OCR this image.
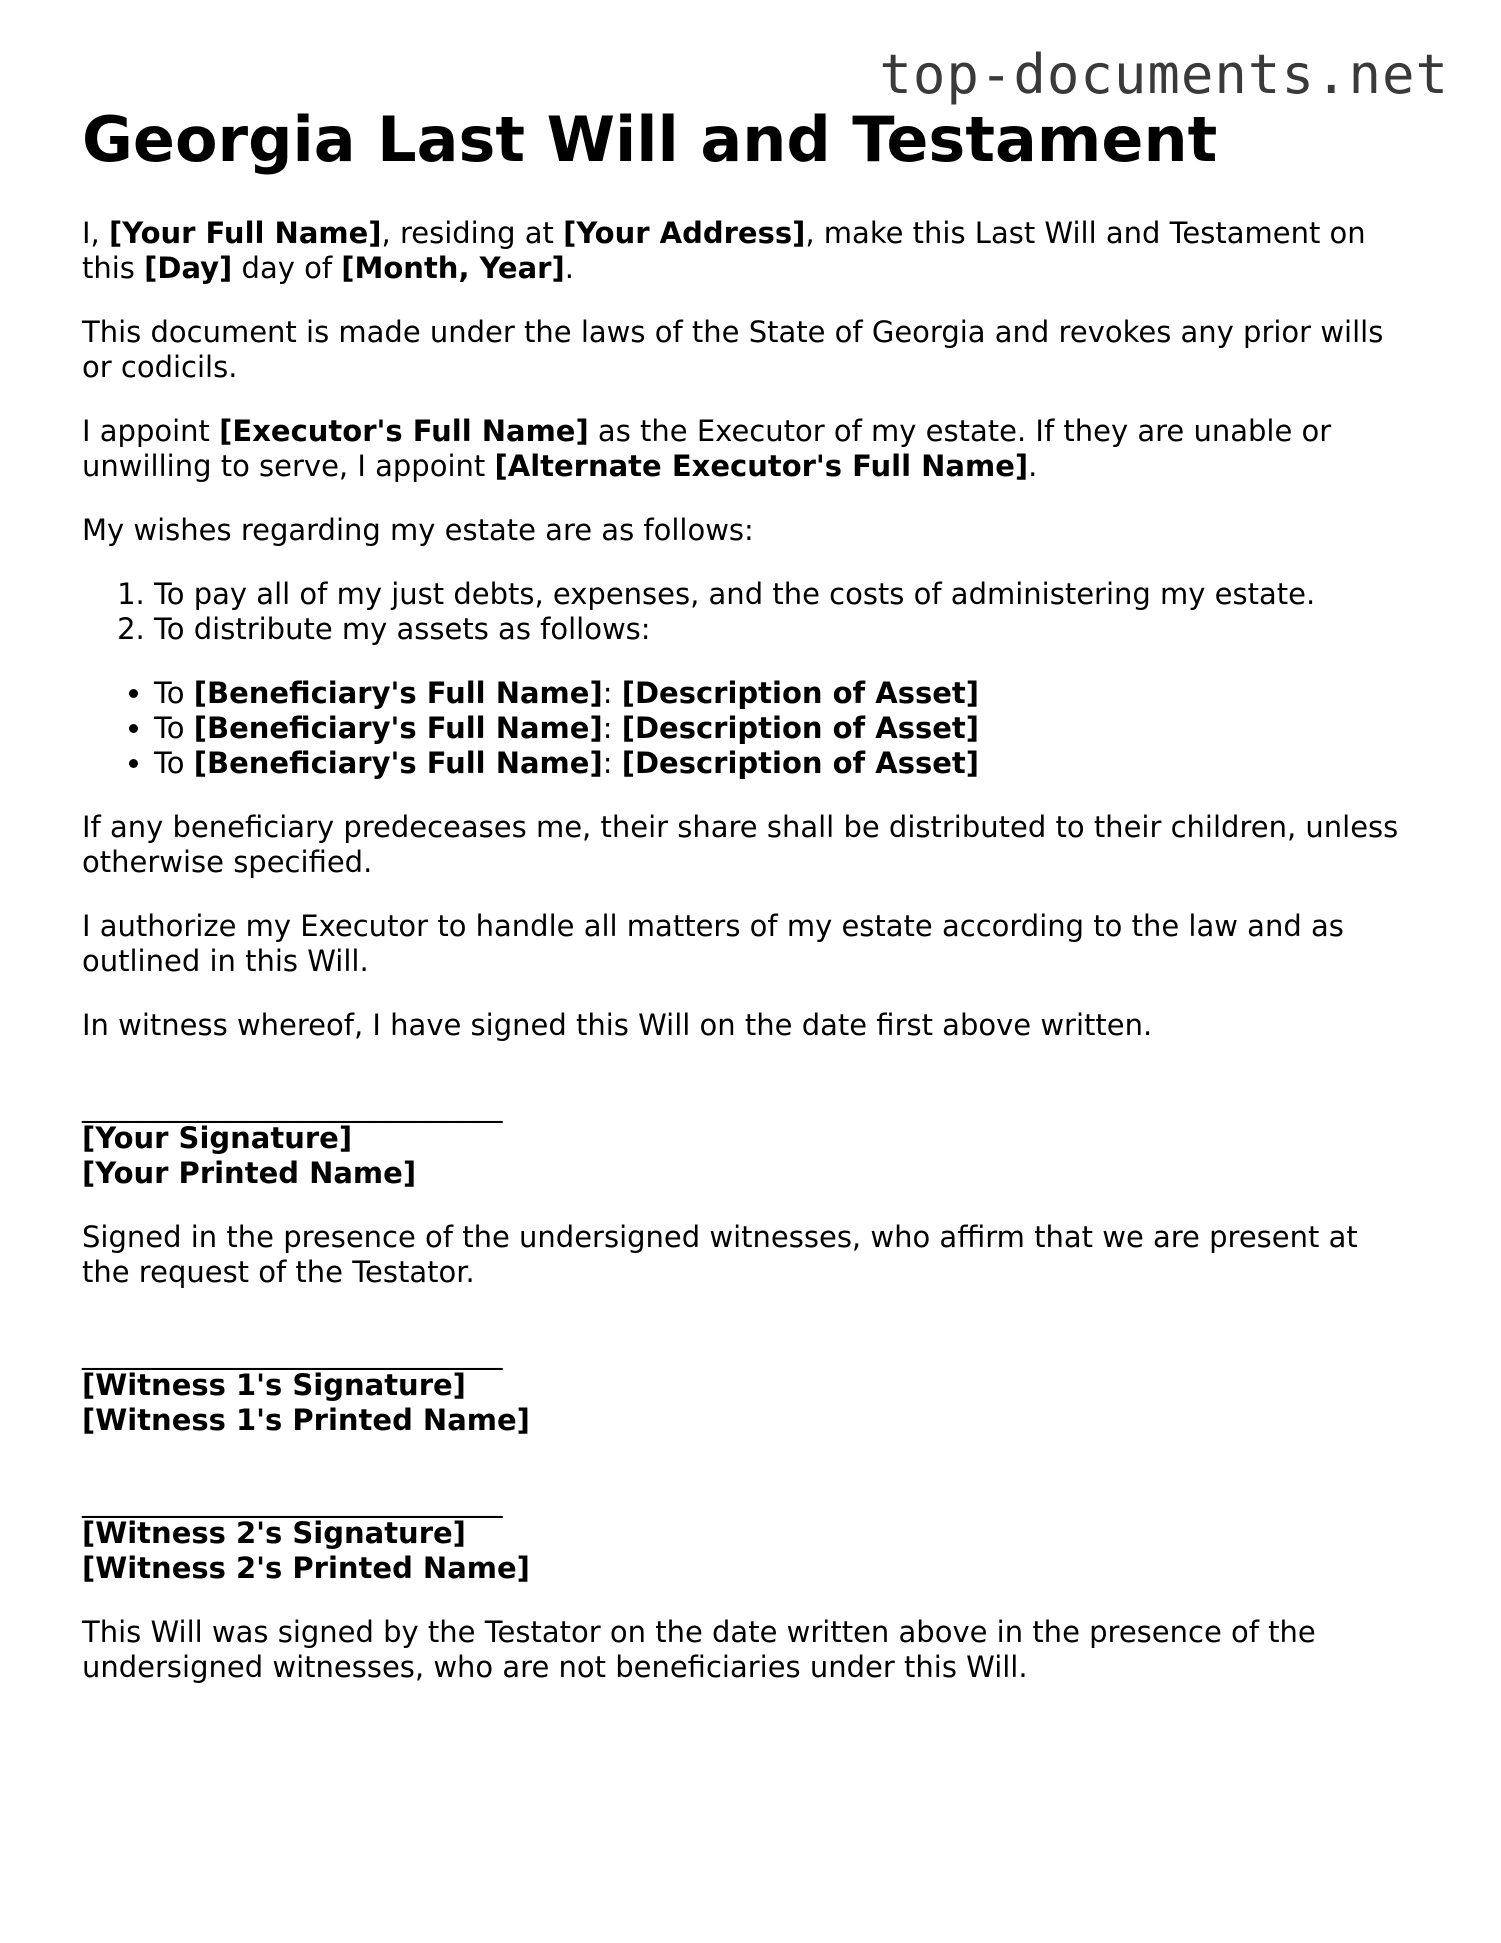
top-documents.net
Georgia Last Will and Testament

I, [Your Full Name], residing at [Your Address], make this Last Will and Testament on this [Day] day of [Month, Year].

This document is made under the laws of the State of Georgia and revokes any prior wills or codicils.

I appoint [Executor's Full Name] as the Executor of my estate. If they are unable or unwilling to serve, I appoint [Alternate Executor's Full Name].

My wishes regarding my estate are as follows:

1. To pay all of my just debts, expenses, and the costs of administering my estate.
2. To distribute my assets as follows:
• To [Beneficiary's Full Name]: [Description of Asset]
• To [Beneficiary's Full Name]: [Description of Asset]
• To [Beneficiary's Full Name]: [Description of Asset]

If any beneficiary predeceases me, their share shall be distributed to their children, unless otherwise specified.

I authorize my Executor to handle all matters of my estate according to the law and as outlined in this Will.

In witness whereof, I have signed this Will on the date first above written.

_____________________________
[Your Signature]
[Your Printed Name]

Signed in the presence of the undersigned witnesses, who affirm that we are present at the request of the Testator.

_____________________________
[Witness 1's Signature]
[Witness 1's Printed Name]
_____________________________
[Witness 2's Signature]
[Witness 2's Printed Name]

This Will was signed by the Testator on the date written above in the presence of the undersigned witnesses, who are not beneficiaries under this Will.
